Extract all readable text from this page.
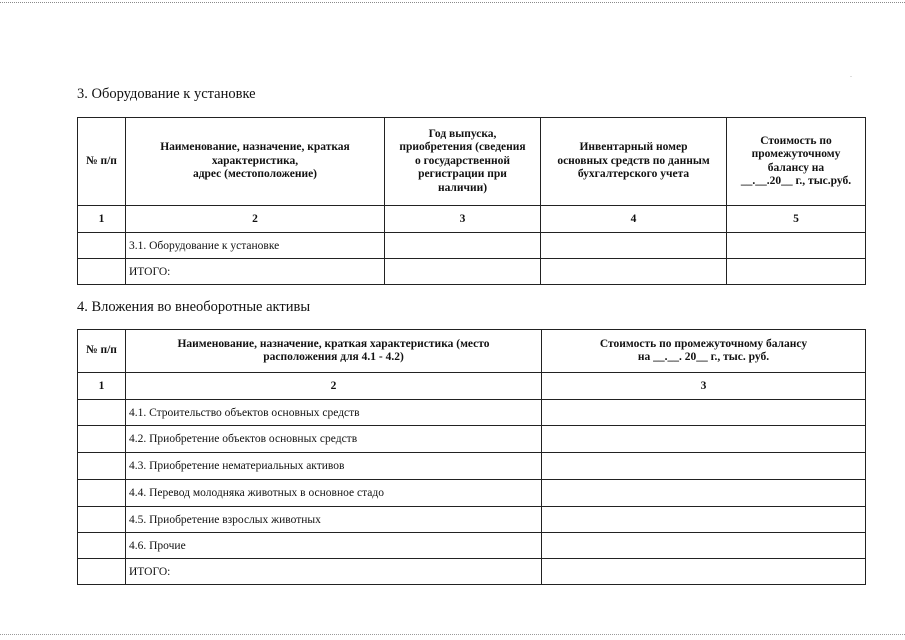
.
3. Оборудование к установке
№ п/п	Наименование, назначение, краткая
характеристика,
адрес (местоположение)	Год выпуска,
приобретения (сведения
о государственной
регистрации при
наличии)	Инвентарный номер
основных средств по данным
бухгалтерского учета	Стоимость по
промежуточному
балансу на
__.__.20__ г., тыс.руб.
1	2	3	4	5
	3.1. Оборудование к установке			
	ИТОГО:			
4. Вложения во внеоборотные активы
№ п/п	Наименование, назначение, краткая характеристика (место
расположения для 4.1 - 4.2)	Стоимость по промежуточному балансу
на __.__. 20__ г., тыс. руб.
1	2	3
	4.1. Строительство объектов основных средств	
	4.2. Приобретение объектов основных средств	
	4.3. Приобретение нематериальных активов	
	4.4. Перевод молодняка животных в основное стадо	
	4.5. Приобретение взрослых животных	
	4.6. Прочие	
	ИТОГО:	
